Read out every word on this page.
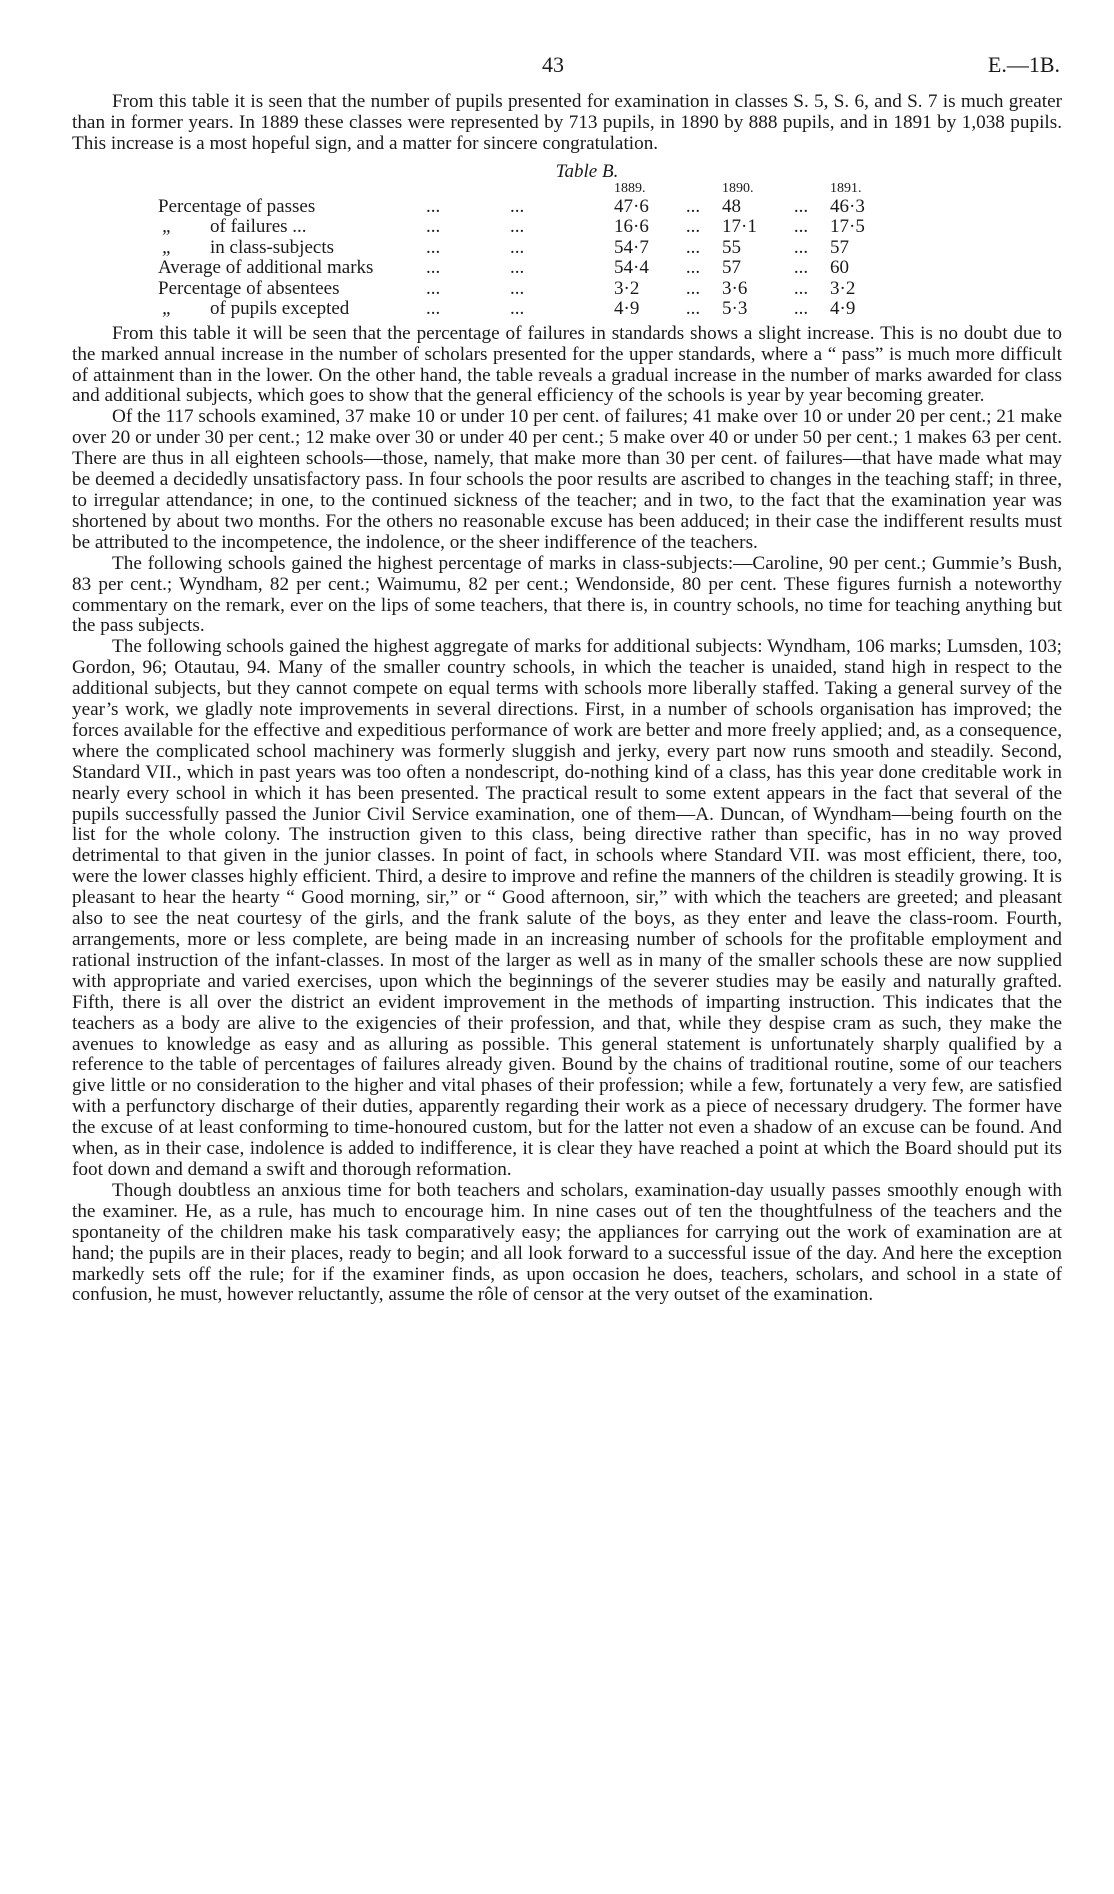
43	E.—1B.

From this table it is seen that the number of pupils presented for examination in classes S. 5, S. 6, and S. 7 is much greater than in former years. In 1889 these classes were represented by 713 pupils, in 1890 by 888 pupils, and in 1891 by 1,038 pupils. This increase is a most hopeful sign, and a matter for sincere congratulation.

Table B.
			1889.		1890.		1891.
Percentage of passes	...	...	47·6	...	48	...	46·3
„ of failures ...	...	...	16·6	...	17·1	...	17·5
„ in class-subjects	...	...	54·7	...	55	...	57
Average of additional marks	...	...	54·4	...	57	...	60
Percentage of absentees	...	...	3·2	...	3·6	...	3·2
„ of pupils excepted	...	...	4·9	...	5·3	...	4·9

From this table it will be seen that the percentage of failures in standards shows a slight increase. This is no doubt due to the marked annual increase in the number of scholars presented for the upper standards, where a “ pass” is much more difficult of attainment than in the lower. On the other hand, the table reveals a gradual increase in the number of marks awarded for class and additional subjects, which goes to show that the general efficiency of the schools is year by year becoming greater.

Of the 117 schools examined, 37 make 10 or under 10 per cent. of failures; 41 make over 10 or under 20 per cent.; 21 make over 20 or under 30 per cent.; 12 make over 30 or under 40 per cent.; 5 make over 40 or under 50 per cent.; 1 makes 63 per cent. There are thus in all eighteen schools—those, namely, that make more than 30 per cent. of failures—that have made what may be deemed a decidedly unsatisfactory pass. In four schools the poor results are ascribed to changes in the teaching staff; in three, to irregular attendance; in one, to the continued sickness of the teacher; and in two, to the fact that the examination year was shortened by about two months. For the others no reasonable excuse has been adduced; in their case the indifferent results must be attributed to the incompetence, the indolence, or the sheer indifference of the teachers.

The following schools gained the highest percentage of marks in class-subjects:—Caroline, 90 per cent.; Gummie’s Bush, 83 per cent.; Wyndham, 82 per cent.; Waimumu, 82 per cent.; Wendonside, 80 per cent. These figures furnish a noteworthy commentary on the remark, ever on the lips of some teachers, that there is, in country schools, no time for teaching anything but the pass subjects.

The following schools gained the highest aggregate of marks for additional subjects: Wyndham, 106 marks; Lumsden, 103; Gordon, 96; Otautau, 94. Many of the smaller country schools, in which the teacher is unaided, stand high in respect to the additional subjects, but they cannot compete on equal terms with schools more liberally staffed. Taking a general survey of the year’s work, we gladly note improvements in several directions. First, in a number of schools organisation has improved; the forces available for the effective and expeditious performance of work are better and more freely applied; and, as a consequence, where the complicated school machinery was formerly sluggish and jerky, every part now runs smooth and steadily. Second, Standard VII., which in past years was too often a nondescript, do-nothing kind of a class, has this year done creditable work in nearly every school in which it has been presented. The practical result to some extent appears in the fact that several of the pupils successfully passed the Junior Civil Service examination, one of them—A. Duncan, of Wyndham—being fourth on the list for the whole colony. The instruction given to this class, being directive rather than specific, has in no way proved detrimental to that given in the junior classes. In point of fact, in schools where Standard VII. was most efficient, there, too, were the lower classes highly efficient. Third, a desire to improve and refine the manners of the children is steadily growing. It is pleasant to hear the hearty “ Good morning, sir,” or “ Good afternoon, sir,” with which the teachers are greeted; and pleasant also to see the neat courtesy of the girls, and the frank salute of the boys, as they enter and leave the class-room. Fourth, arrangements, more or less complete, are being made in an increasing number of schools for the profitable employment and rational instruction of the infant-classes. In most of the larger as well as in many of the smaller schools these are now supplied with appropriate and varied exercises, upon which the beginnings of the severer studies may be easily and naturally grafted. Fifth, there is all over the district an evident improvement in the methods of imparting instruction. This indicates that the teachers as a body are alive to the exigencies of their profession, and that, while they despise cram as such, they make the avenues to knowledge as easy and as alluring as possible. This general statement is unfortunately sharply qualified by a reference to the table of percentages of failures already given. Bound by the chains of traditional routine, some of our teachers give little or no consideration to the higher and vital phases of their profession; while a few, fortunately a very few, are satisfied with a perfunctory discharge of their duties, apparently regarding their work as a piece of necessary drudgery. The former have the excuse of at least conforming to time-honoured custom, but for the latter not even a shadow of an excuse can be found. And when, as in their case, indolence is added to indifference, it is clear they have reached a point at which the Board should put its foot down and demand a swift and thorough reformation.

Though doubtless an anxious time for both teachers and scholars, examination-day usually passes smoothly enough with the examiner. He, as a rule, has much to encourage him. In nine cases out of ten the thoughtfulness of the teachers and the spontaneity of the children make his task comparatively easy; the appliances for carrying out the work of examination are at hand; the pupils are in their places, ready to begin; and all look forward to a successful issue of the day. And here the exception markedly sets off the rule; for if the examiner finds, as upon occasion he does, teachers, scholars, and school in a state of confusion, he must, however reluctantly, assume the rôle of censor at the very outset of the examination.
